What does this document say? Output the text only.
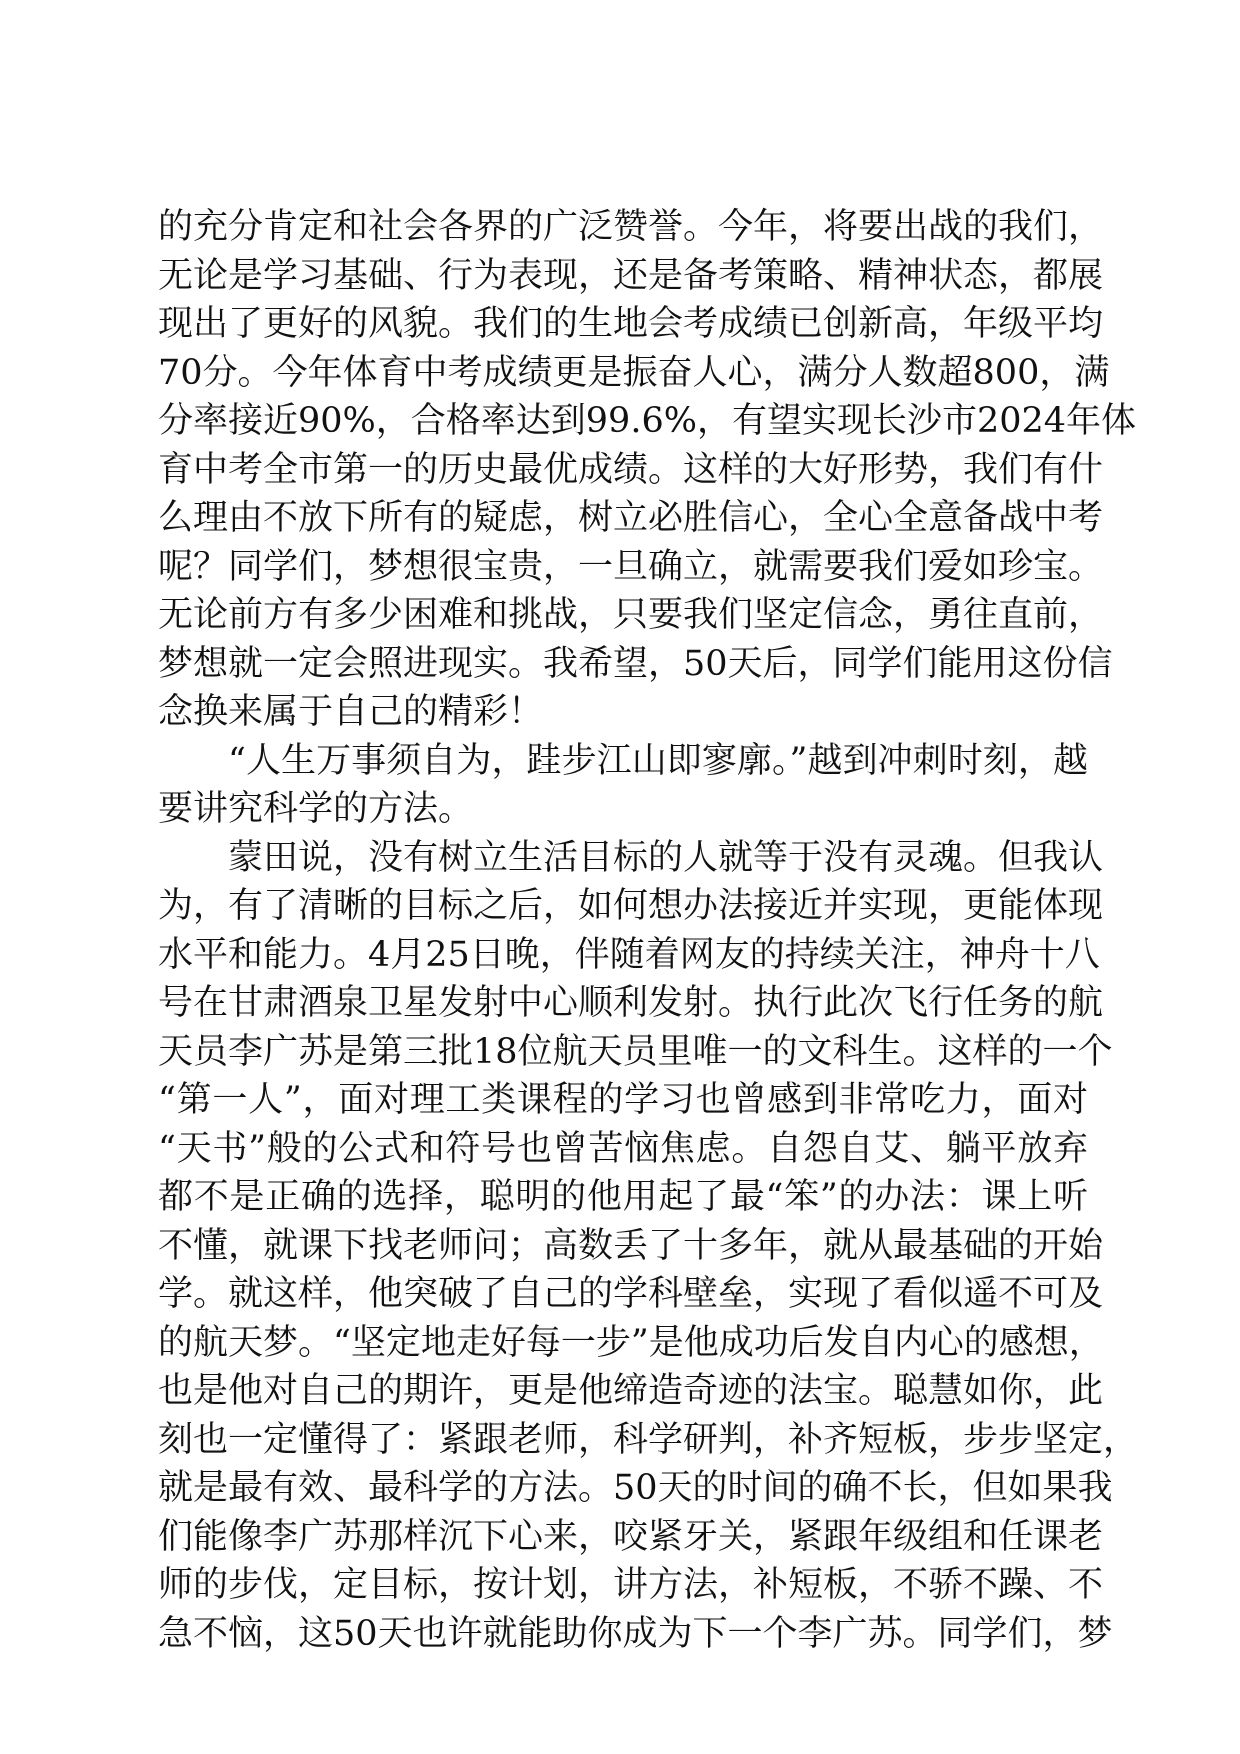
的充分肯定和社会各界的广泛赞誉。今年，将要出战的我们，
无论是学习基础、行为表现，还是备考策略、精神状态，都展
现出了更好的风貌。我们的生地会考成绩已创新高，年级平均
70分。今年体育中考成绩更是振奋人心，满分人数超800，满
分率接近90%，合格率达到99.6%，有望实现长沙市2024年体
育中考全市第一的历史最优成绩。这样的大好形势，我们有什
么理由不放下所有的疑虑，树立必胜信心，全心全意备战中考
呢？同学们，梦想很宝贵，一旦确立，就需要我们爱如珍宝。
无论前方有多少困难和挑战，只要我们坚定信念，勇往直前，
梦想就一定会照进现实。我希望，50天后，同学们能用这份信
念换来属于自己的精彩！
“人生万事须自为，跬步江山即寥廓。”越到冲刺时刻，越
要讲究科学的方法。
蒙田说，没有树立生活目标的人就等于没有灵魂。但我认
为，有了清晰的目标之后，如何想办法接近并实现，更能体现
水平和能力。4月25日晚，伴随着网友的持续关注，神舟十八
号在甘肃酒泉卫星发射中心顺利发射。执行此次飞行任务的航
天员李广苏是第三批18位航天员里唯一的文科生。这样的一个
“第一人”，面对理工类课程的学习也曾感到非常吃力，面对
“天书”般的公式和符号也曾苦恼焦虑。自怨自艾、躺平放弃
都不是正确的选择，聪明的他用起了最“笨”的办法：课上听
不懂，就课下找老师问；高数丢了十多年，就从最基础的开始
学。就这样，他突破了自己的学科壁垒，实现了看似遥不可及
的航天梦。“坚定地走好每一步”是他成功后发自内心的感想，
也是他对自己的期许，更是他缔造奇迹的法宝。聪慧如你，此
刻也一定懂得了：紧跟老师，科学研判，补齐短板，步步坚定，
就是最有效、最科学的方法。50天的时间的确不长，但如果我
们能像李广苏那样沉下心来，咬紧牙关，紧跟年级组和任课老
师的步伐，定目标，按计划，讲方法，补短板，不骄不躁、不
急不恼，这50天也许就能助你成为下一个李广苏。同学们，梦
